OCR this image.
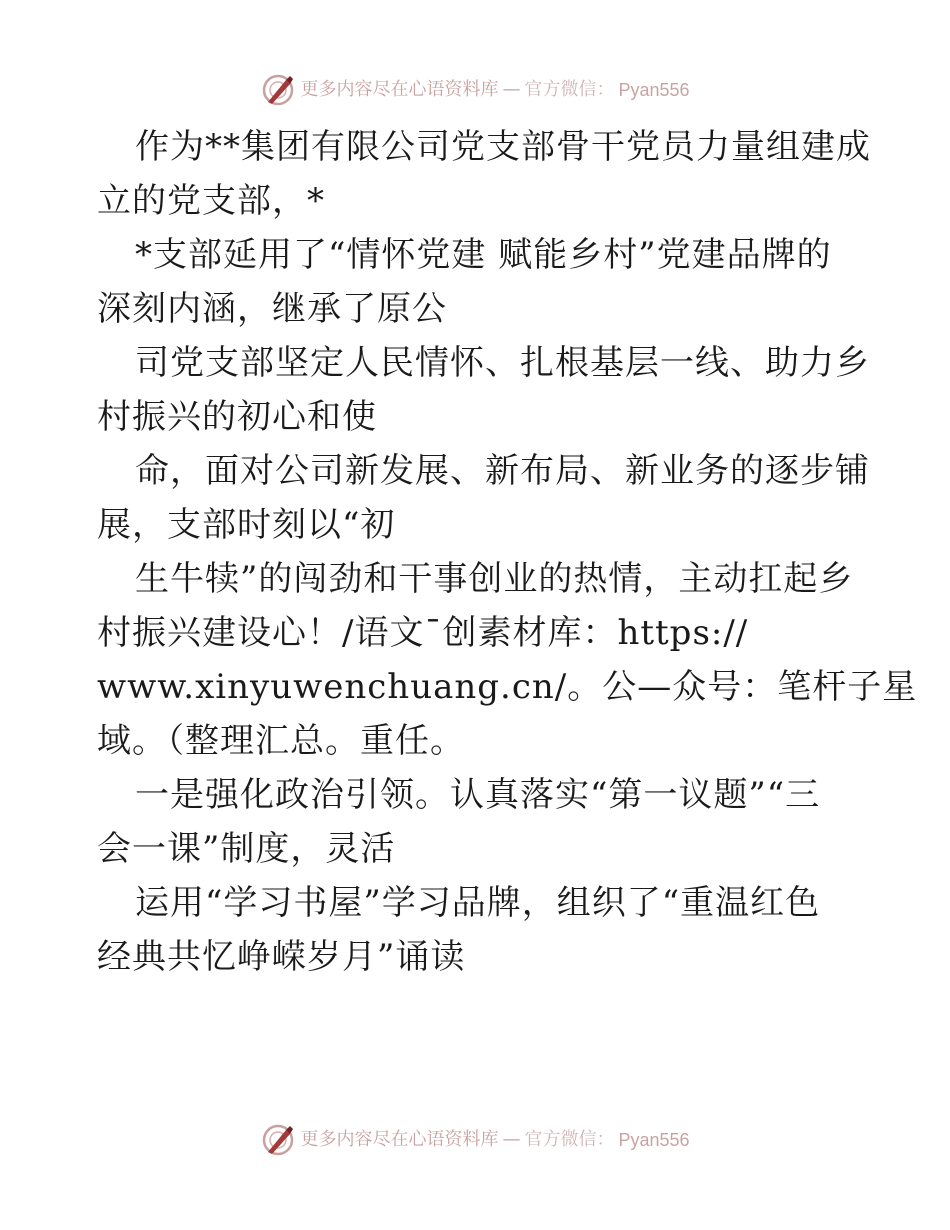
更多内容尽在心语资料库 — 官方微信： Pyan556
作为**集团有限公司党支部骨干党员力量组建成
立的党支部，*
*支部延用了“情怀党建 赋能乡村”党建品牌的
深刻内涵，继承了原公
司党支部坚定人民情怀、扎根基层一线、助力乡
村振兴的初心和使
命，面对公司新发展、新布局、新业务的逐步铺
展，支部时刻以“初
生牛犊”的闯劲和干事创业的热情，主动扛起乡
村振兴建设心！/语文¯创素材库：https://
www.xinyuwenchuang.cn/。公—众号：笔杆子星
域。（整理汇总。重任。
一是强化政治引领。认真落实“第一议题”“三
会一课”制度，灵活
运用“学习书屋”学习品牌，组织了“重温红色
经典共忆峥嵘岁月”诵读
更多内容尽在心语资料库 — 官方微信： Pyan556
